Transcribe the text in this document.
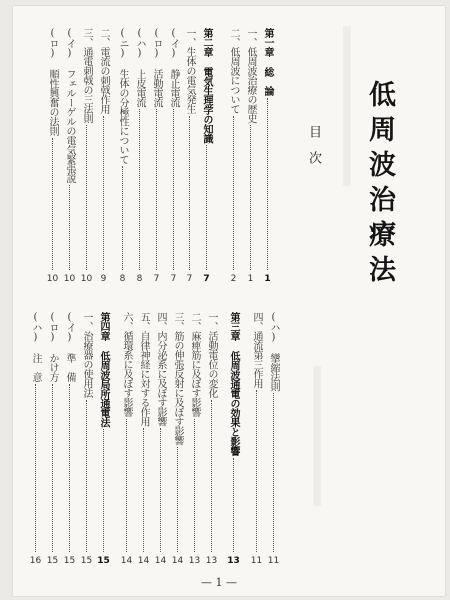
低周波治療法
目　次
第一章 総　論
1
一、低周波治療の歴史
1
二、低周波について
2
第二章 電気生理学の知識
7
一、生体の電気発生
7
(イ) 静止電流
7
(ロ) 活動電流
7
(ハ) 上皮電流
8
(ニ) 生体の分極性について
8
二、電流の刺戟作用
9
三、通電刺戟の三法則
10
(イ) フェルーゲルの電気緊張説
10
(ロ) 順性興奮の法則
10
(ハ) 攣縮法則
11
四、通流第三作用
11
第三章 低周波通電の効果と影響
13
一、活動電位の変化
13
二、麻痺筋に及ぼす影響
13
三、筋の伸張反射に及ぼす影響
14
四、内分泌系に及ぼす影響
14
五、自律神経に対する作用
14
六、循環系に及ぼす影響
14
第四章 低周波局所通電法
15
一、治療器の使用法
15
(イ) 準　備
15
(ロ) かけ方
15
(ハ) 注　意
16
— 1 —
